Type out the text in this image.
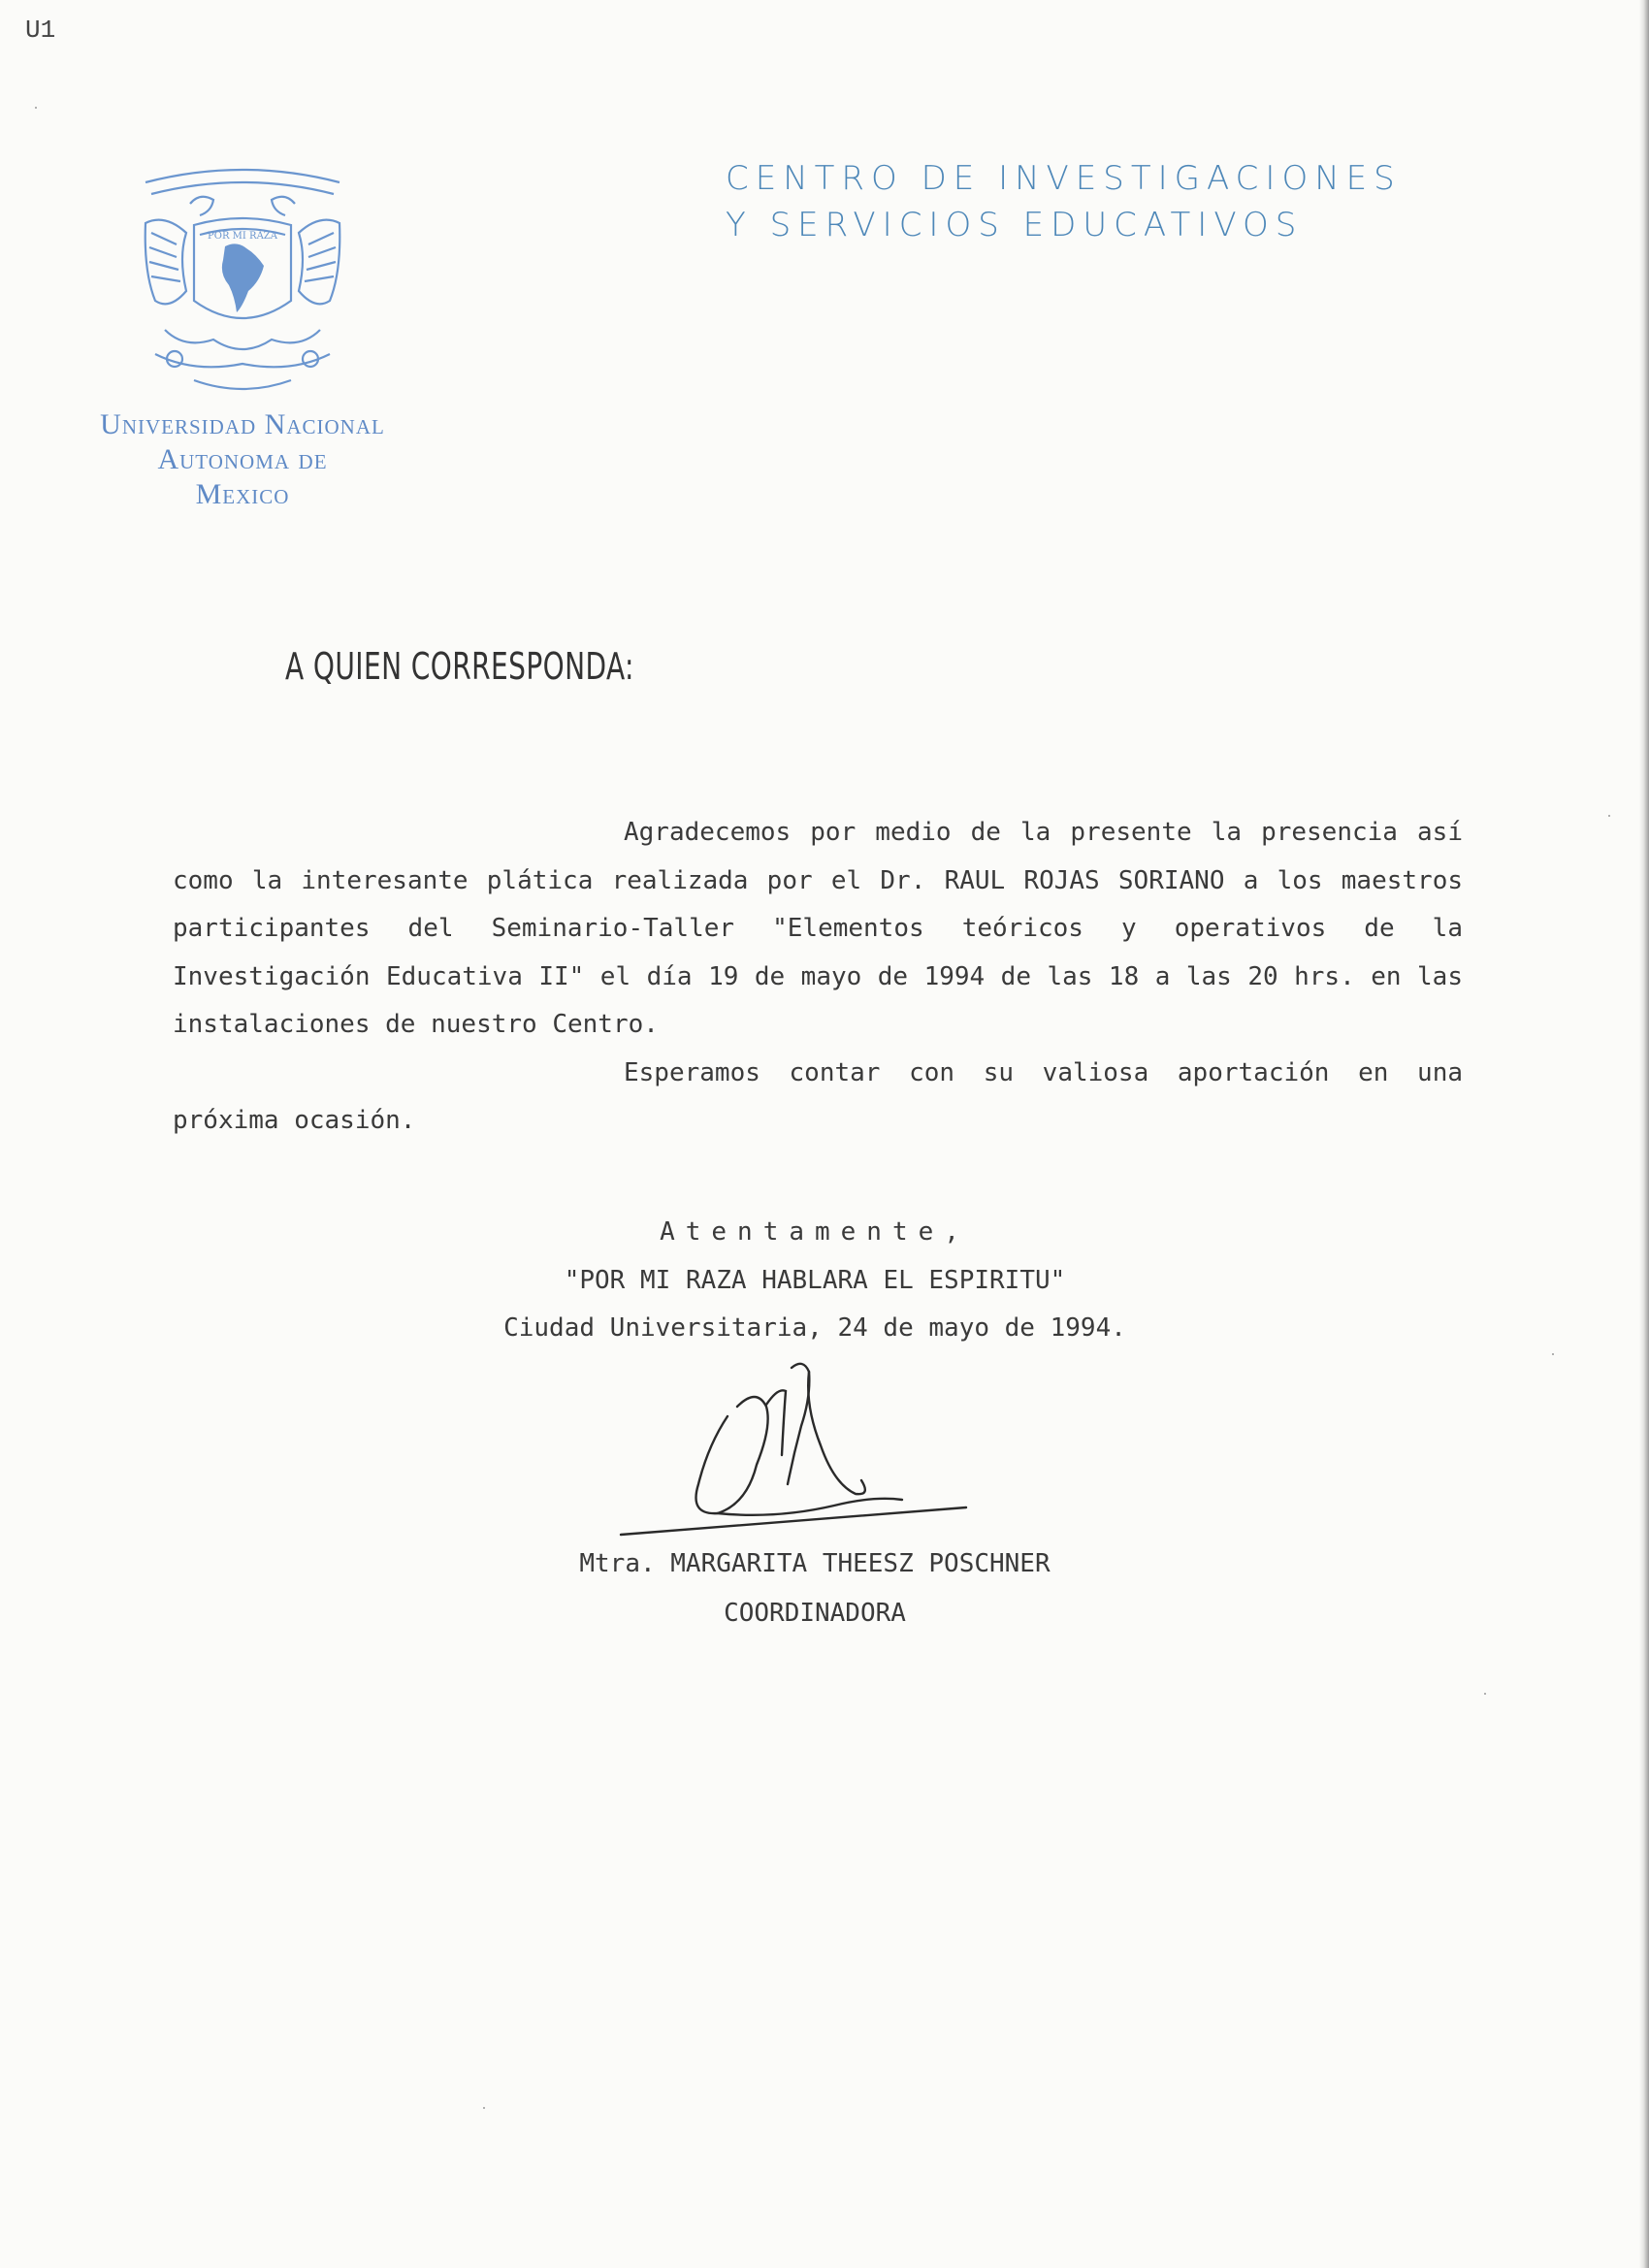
U1
POR MI RAZA
Universidad Nacional
Autonoma de
Mexico
CENTRO DE INVESTIGACIONES
Y SERVICIOS EDUCATIVOS
A QUIEN CORRESPONDA:

Agradecemos por medio de la presente la presencia así como la interesante plática realizada por el Dr. RAUL ROJAS SORIANO a los maestros participantes del Seminario-Taller "Elementos teóricos y operativos de la Investigación Educativa II" el día 19 de mayo de 1994 de las 18 a las 20 hrs. en las instalaciones de nuestro Centro.

Esperamos contar con su valiosa aportación en una próxima ocasión.

Atentamente,
"POR MI RAZA HABLARA EL ESPIRITU"
Ciudad Universitaria, 24 de mayo de 1994.
Mtra. MARGARITA THEESZ POSCHNER
COORDINADORA
